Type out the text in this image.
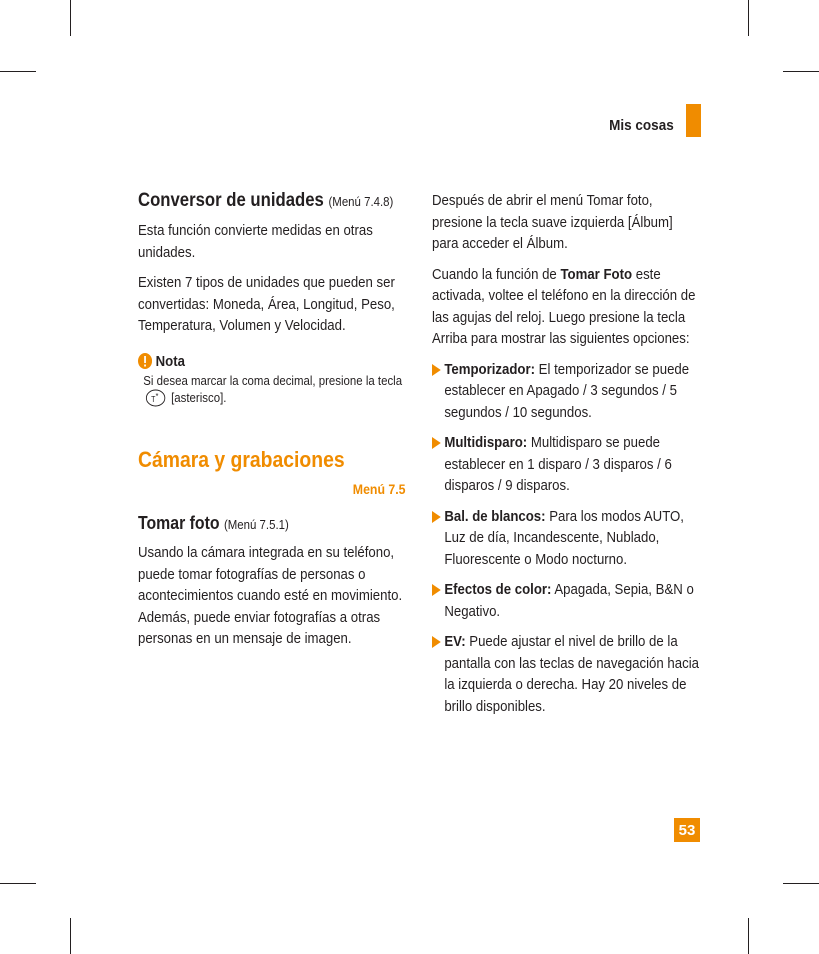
Mis cosas
Conversor de unidades (Menú 7.4.8)

Esta función convierte medidas en otras unidades.

Existen 7 tipos de unidades que pueden ser convertidas: Moneda, Área, Longitud, Peso, Temperatura, Volumen y Velocidad.

Nota
Si desea marcar la coma decimal, presione la tecla
T * [asterisco].
Cámara y grabaciones
Menú 7.5
Tomar foto (Menú 7.5.1)

Usando la cámara integrada en su teléfono, puede tomar fotografías de personas o acontecimientos cuando esté en movimiento. Además, puede enviar fotografías a otras personas en un mensaje de imagen.

Después de abrir el menú Tomar foto, presione la tecla suave izquierda [Álbum] para acceder el Álbum.

Cuando la función de Tomar Foto este activada, voltee el teléfono en la dirección de las agujas del reloj. Luego presione la tecla Arriba para mostrar las siguientes opciones:

Temporizador: El temporizador se puede establecer en Apagado / 3 segundos / 5 segundos / 10 segundos.

Multidisparo: Multidisparo se puede establecer en 1 disparo / 3 disparos / 6 disparos / 9 disparos.

Bal. de blancos: Para los modos AUTO, Luz de día, Incandescente, Nublado, Fluorescente o Modo nocturno.

Efectos de color: Apagada, Sepia, B&N o Negativo.

EV: Puede ajustar el nivel de brillo de la pantalla con las teclas de navegación hacia la izquierda o derecha. Hay 20 niveles de brillo disponibles.

53
